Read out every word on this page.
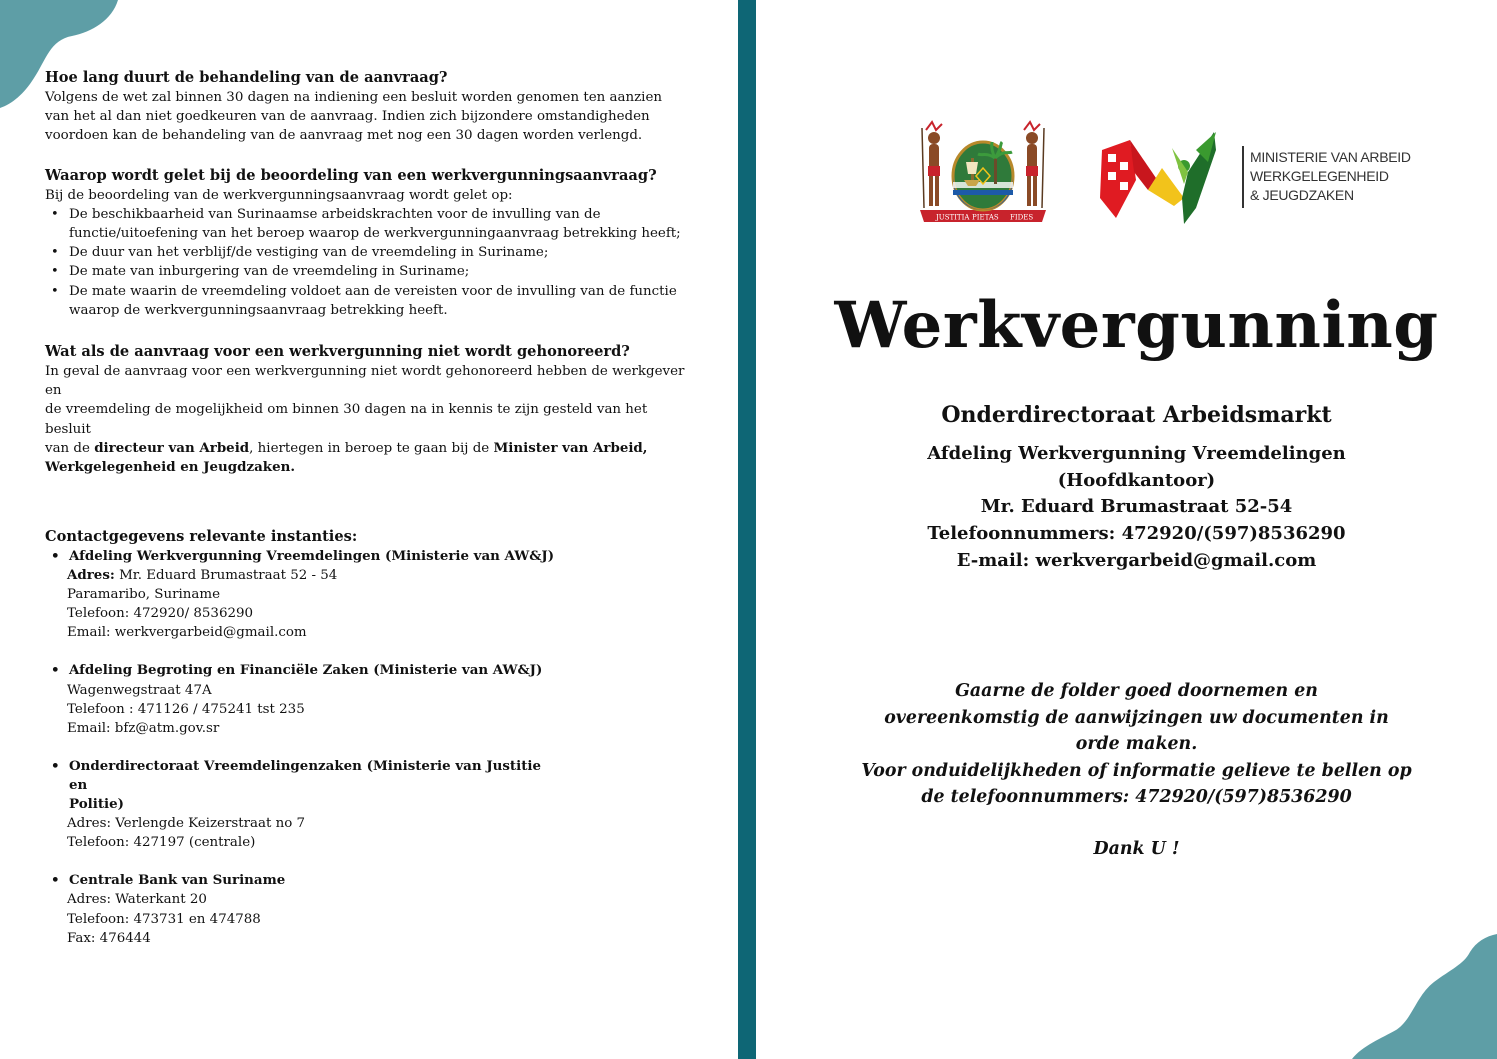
Hoe lang duurt de behandeling van de aanvraag?

Volgens de wet zal binnen 30 dagen na indiening een besluit worden genomen ten aanzien

van het al dan niet goedkeuren van de aanvraag. Indien zich bijzondere omstandigheden

voordoen kan de behandeling van de aanvraag met nog een 30 dagen worden verlengd.

Waarop wordt gelet bij de beoordeling van een werkvergunningsaanvraag?

Bij de beoordeling van de werkvergunningsaanvraag wordt gelet op:

• De beschikbaarheid van Surinaamse arbeidskrachten voor de invulling van de
functie/uitoefening van het beroep waarop de werkvergunningaanvraag betrekking heeft;
• De duur van het verblijf/de vestiging van de vreemdeling in Suriname;
• De mate van inburgering van de vreemdeling in Suriname;
• De mate waarin de vreemdeling voldoet aan de vereisten voor de invulling van de functie
waarop de werkvergunningsaanvraag betrekking heeft.
Wat als de aanvraag voor een werkvergunning niet wordt gehonoreerd?

In geval de aanvraag voor een werkvergunning niet wordt gehonoreerd hebben de werkgever en

de vreemdeling de mogelijkheid om binnen 30 dagen na in kennis te zijn gesteld van het besluit

van de directeur van Arbeid, hiertegen in beroep te gaan bij de Minister van Arbeid,

Werkgelegenheid en Jeugdzaken.

Contactgegevens relevante instanties:
• Afdeling Werkvergunning Vreemdelingen (Ministerie van AW&J)
Adres: Mr. Eduard Brumastraat 52 - 54
Paramaribo, Suriname
Telefoon: 472920/ 8536290
Email: werkvergarbeid@gmail.com
• Afdeling Begroting en Financiële Zaken (Ministerie van AW&J)
Wagenwegstraat 47A
Telefoon : 471126 / 475241 tst 235
Email: bfz@atm.gov.sr
• Onderdirectoraat Vreemdelingenzaken (Ministerie van Justitie en
Politie)
Adres: Verlengde Keizerstraat no 7
Telefoon: 427197 (centrale)
• Centrale Bank van Suriname
Adres: Waterkant 20
Telefoon: 473731 en 474788
Fax: 476444
JUSTITIA PIETAS FIDES
MINISTERIE VAN ARBEID
WERKGELEGENHEID
& JEUGDZAKEN
Werkvergunning
Onderdirectoraat Arbeidsmarkt
Afdeling Werkvergunning Vreemdelingen
(Hoofdkantoor)
Mr. Eduard Brumastraat 52-54
Telefoonnummers: 472920/(597)8536290
E-mail: werkvergarbeid@gmail.com
Gaarne de folder goed doornemen en
overeenkomstig de aanwijzingen uw documenten in
orde maken.
Voor onduidelijkheden of informatie gelieve te bellen op
de telefoonnummers: 472920/(597)8536290
Dank U !
